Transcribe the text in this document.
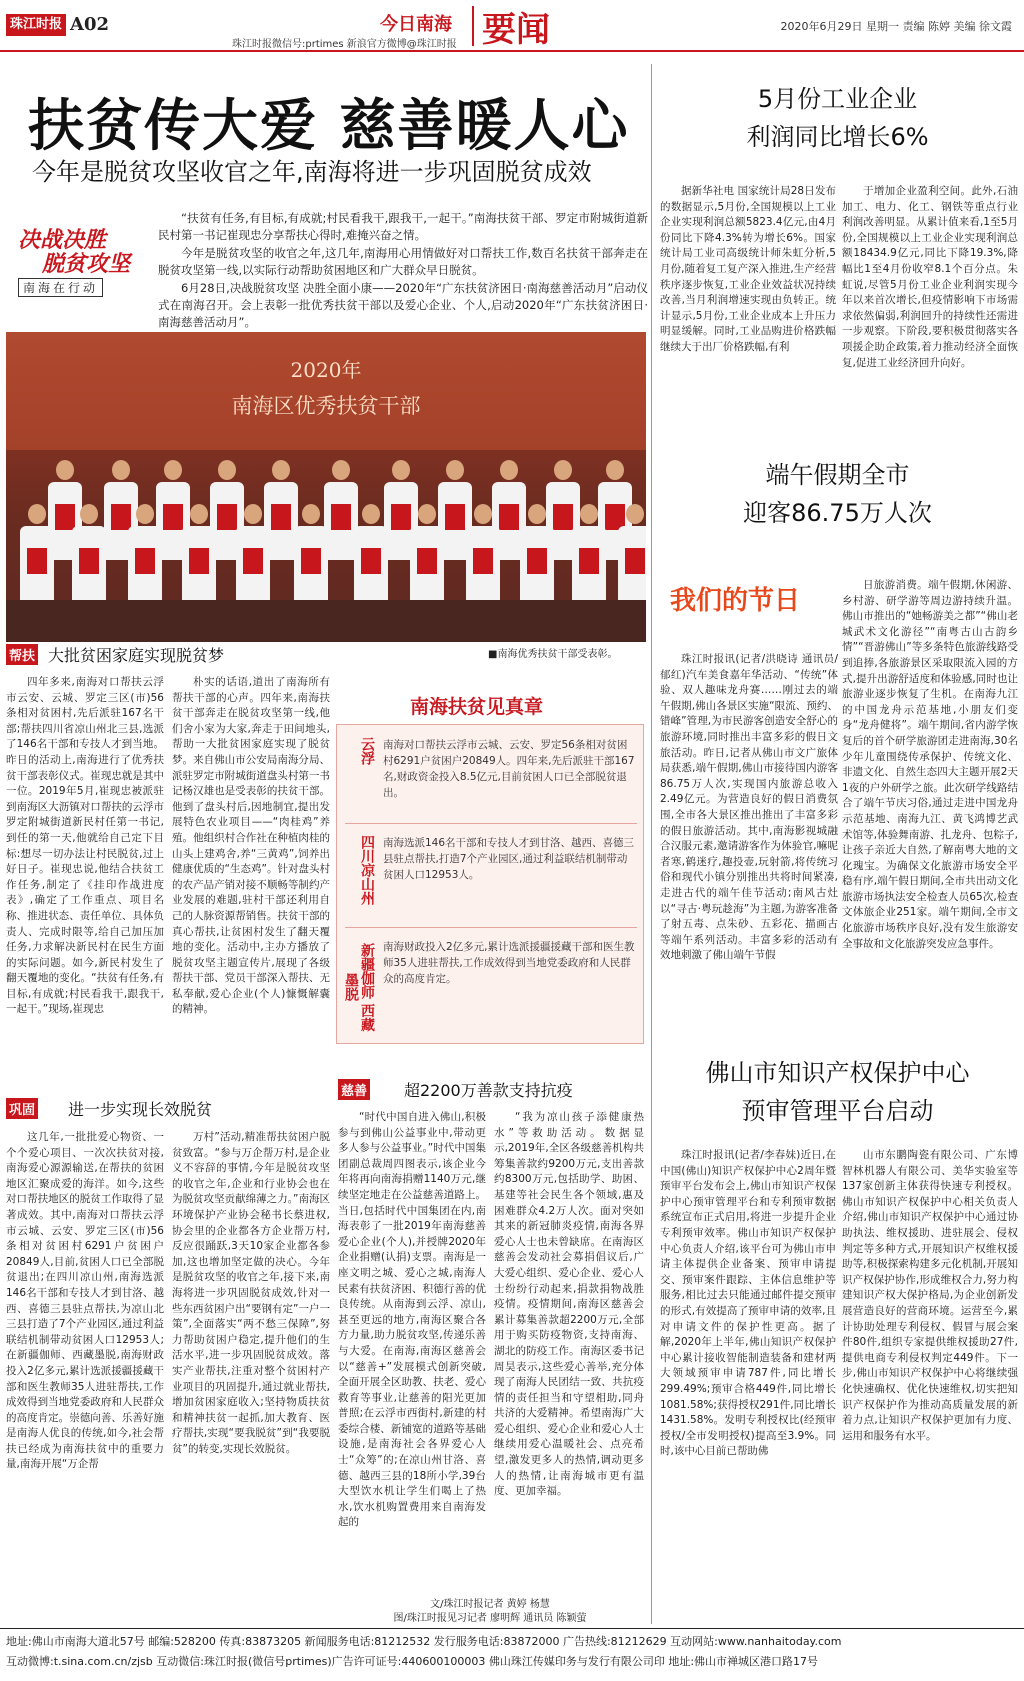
珠江时报 A02	今日南海
珠江时报微信号:prtimes 新浪官方微博@珠江时报 要闻	2020年6月29日 星期一 责编 陈婷 美编 徐文霞
扶贫传大爱 慈善暖人心
今年是脱贫攻坚收官之年,南海将进一步巩固脱贫成效
决战决胜
脱贫攻坚
南海在行动

“扶贫有任务,有目标,有成就;村民看我干,跟我干,一起干。”南海扶贫干部、罗定市附城街道新民村第一书记崔现忠分享帮扶心得时,难掩兴奋之情。

今年是脱贫攻坚的收官之年,这几年,南海用心用情做好对口帮扶工作,数百名扶贫干部奔走在脱贫攻坚第一线,以实际行动帮助贫困地区和广大群众早日脱贫。

6月28日,决战脱贫攻坚 决胜全面小康——2020年“广东扶贫济困日·南海慈善活动月”启动仪式在南海召开。会上表彰一批优秀扶贫干部以及爱心企业、个人,启动2020年“广东扶贫济困日·南海慈善活动月”。

2020年
南海区优秀扶贫干部
■南海优秀扶贫干部受表彰。
帮扶 大批贫困家庭实现脱贫梦

四年多来,南海对口帮扶云浮市云安、云城、罗定三区(市)56条相对贫困村,先后派驻167名干部;帮扶四川省凉山州北三县,选派了146名干部和专技人才到当地。昨日的活动上,南海进行了优秀扶贫干部表彰仪式。崔现忠就是其中一位。2019年5月,崔现忠被派驻到南海区大沥镇对口帮扶的云浮市罗定附城街道新民村任第一书记,到任的第一天,他就给自己定下目标:想尽一切办法让村民脱贫,过上好日子。崔现忠说,他结合扶贫工作任务,制定了《挂印作战进度表》,确定了工作重点、项目名称、推进状态、责任单位、具体负责人、完成时限等,给自己加压加任务,力求解决新民村在民生方面的实际问题。如今,新民村发生了翻天覆地的变化。“扶贫有任务,有目标,有成就;村民看我干,跟我干,一起干。”现场,崔现忠

朴实的话语,道出了南海所有帮扶干部的心声。四年来,南海扶贫干部奔走在脱贫攻坚第一线,他们舍小家为大家,奔走于田间地头,帮助一大批贫困家庭实现了脱贫梦。来自佛山市公安局南海分局、派驻罗定市附城街道盘头村第一书记杨汉雄也是受表彰的扶贫干部。他到了盘头村后,因地制宜,提出发展特色农业项目——“肉桂鸡”养殖。他组织村合作社在种植肉桂的山头上建鸡舍,养“三黄鸡”,饲养出健康优质的“生态鸡”。针对盘头村的农产品产销对接不顺畅等制约产业发展的难题,驻村干部还利用自己的人脉资源帮销售。扶贫干部的真心帮扶,让贫困村发生了翻天覆地的变化。活动中,主办方播放了脱贫攻坚主题宣传片,展现了各级帮扶干部、党员干部深入帮扶、无私奉献,爱心企业(个人)慷慨解囊的精神。

巩固 进一步实现长效脱贫

这几年,一批批爱心物资、一个个爱心项目、一次次扶贫对接,南海爱心源源输送,在帮扶的贫困地区汇聚成爱的海洋。如今,这些对口帮扶地区的脱贫工作取得了显著成效。其中,南海对口帮扶云浮市云城、云安、罗定三区(市)56条相对贫困村6291户贫困户20849人,目前,贫困人口已全部脱贫退出;在四川凉山州,南海选派146名干部和专技人才到甘洛、越西、喜德三县驻点帮扶,为凉山北三县打造了7个产业园区,通过利益联结机制带动贫困人口12953人;在新疆伽师、西藏墨脱,南海财政投入2亿多元,累计选派援疆援藏干部和医生教师35人进驻帮扶,工作成效得到当地党委政府和人民群众的高度肯定。崇德向善、乐善好施是南海人优良的传统,如今,社会帮扶已经成为南海扶贫中的重要力量,南海开展“万企帮

万村”活动,精准帮扶贫困户脱贫致富。“参与万企帮万村,是企业义不容辞的事情,今年是脱贫攻坚的收官之年,企业和行业协会也在为脱贫攻坚贡献绵薄之力。”南海区环境保护产业协会秘书长蔡进权,协会里的企业都各方企业帮万村,反应很踊跃,3天10家企业都各参加,这也增加坚定做的决心。今年是脱贫攻坚的收官之年,接下来,南海将进一步巩固脱贫成效,针对一些东西贫困户出“要钢有定”一户一策”,全面落实“两不愁三保障”,努力帮助贫困户稳定,提升他们的生活水平,进一步巩固脱贫成效。落实产业帮扶,注重对整个贫困村产业项目的巩固提升,通过就业帮扶,增加贫困家庭收入;坚持物质扶贫和精神扶贫一起抓,加大教育、医疗帮扶,实现“要我脱贫”到“我要脱贫”的转变,实现长效脱贫。

南海扶贫见真章
云浮 南海对口帮扶云浮市云城、云安、罗定56条相对贫困村6291户贫困户20849人。四年来,先后派驻干部167名,财政资金投入8.5亿元,目前贫困人口已全部脱贫退出。
四川凉山州 南海选派146名干部和专技人才到甘洛、越西、喜德三县驻点帮扶,打造7个产业园区,通过利益联结机制带动贫困人口12953人。
新疆伽师 西藏墨脱
南海财政投入2亿多元,累计选派援疆援藏干部和医生教师35人进驻帮扶,工作成效得到当地党委政府和人民群众的高度肯定。
慈善 超2200万善款支持抗疫

“时代中国自进入佛山,积极参与到佛山公益事业中,带动更多人参与公益事业。”时代中国集团副总裁周四图表示,该企业今年将再向南海捐赠1140万元,继续坚定地走在公益慈善道路上。当日,包括时代中国集团在内,南海表彰了一批2019年南海慈善爱心企业(个人),并授牌2020年企业捐赠(认捐)支票。南海是一座文明之城、爱心之城,南海人民素有扶贫济困、积德行善的优良传统。从南海到云浮、凉山,甚至更远的地方,南海区聚合各方力量,助力脱贫攻坚,传递乐善与大爱。在南海,南海区慈善会以“慈善+”发展模式创新突破,全面开展全区助教、扶老、爱心救育等事业,让慈善的阳光更加普照;在云浮市西街村,新建的村委综合楼、新铺宽的道路等基础设施,是南海社会各界爱心人士“众筹”的;在凉山州甘洛、喜德、越西三县的18所小学,39台大型饮水机让学生们喝上了热水,饮水机购置费用来自南海发起的

“我为凉山孩子添健康热水”等救助活动。数据显示,2019年,全区各级慈善机构共筹集善款约9200万元,支出善款约8300万元,包括助学、助困、基建等社会民生各个领域,惠及困难群众4.2万人次。面对突如其来的新冠肺炎疫情,南海各界爱心人士也未曾缺席。在南海区慈善会发动社会募捐倡议后,广大爱心组织、爱心企业、爱心人士纷纷行动起来,捐款捐物战胜疫情。疫情期间,南海区慈善会累计募集善款超2200万元,全部用于购买防疫物资,支持南海、湖北的防疫工作。南海区委书记周昊表示,这些爱心善举,充分体现了南海人民团结一致、共抗疫情的责任担当和守望相助,同舟共济的大爱精神。希望南海广大爱心组织、爱心企业和爱心人士继续用爱心温暖社会、点亮希望,激发更多人的热情,调动更多人的热情,让南海城市更有温度、更加幸福。

文/珠江时报记者 黄婷 杨慧
图/珠江时报见习记者 廖明辉 通讯员 陈颖萤
5月份工业企业
利润同比增长6%

据新华社电 国家统计局28日发布的数据显示,5月份,全国规模以上工业企业实现利润总额5823.4亿元,由4月份同比下降4.3%转为增长6%。国家统计局工业司高级统计师朱虹分析,5月份,随着复工复产深入推进,生产经营秩序逐步恢复,工业企业效益状况持续改善,当月利润增速实现由负转正。统计显示,5月份,工业企业成本上升压力明显缓解。同时,工业品购进价格跌幅继续大于出厂价格跌幅,有利

于增加企业盈利空间。此外,石油加工、电力、化工、钢铁等重点行业利润改善明显。从累计值来看,1至5月份,全国规模以上工业企业实现利润总额18434.9亿元,同比下降19.3%,降幅比1至4月份收窄8.1个百分点。朱虹说,尽管5月份工业企业利润实现今年以来首次增长,但疫情影响下市场需求依然偏弱,利润回升的持续性还需进一步观察。下阶段,要积极贯彻落实各项援企助企政策,着力推动经济全面恢复,促进工业经济回升向好。

端午假期全市
迎客86.75万人次
我们的节日

珠江时报讯(记者/洪晓诗 通讯员/郁红)汽车美食嘉年华活动、“传统”体验、双人趣味龙舟赛……刚过去的端午假期,佛山各景区实施“限流、预约、错峰”管理,为市民游客创造安全舒心的旅游环境,同时推出丰富多彩的假日文旅活动。昨日,记者从佛山市文广旅体局获悉,端午假期,佛山市接待国内游客86.75万人次,实现国内旅游总收入2.49亿元。为营造良好的假日消费氛围,全市各大景区推出推出了丰富多彩的假日旅游活动。其中,南海影视城融合汉服元素,邀请游客作为体验官,嘛呢者寒,鹤迷疗,趣投壶,玩射箭,将传统习俗和现代小镇分别推出共将时间紧凑,走进古代的端午佳节活动;南风古灶以“寻古·粤玩趁海”为主题,为游客准备了射五毒、点朱砂、五彩花、描画古等端午系列活动。丰富多彩的活动有效地刺激了佛山端午节假

日旅游消费。端午假期,休闲游、乡村游、研学游等周边游持续升温。佛山市推出的“她畅游美之都”“佛山老城武术文化游径”“南粤古山古韵乡情”“晋游佛山”等多条特色旅游线路受到追捧,各旅游景区采取限流入园的方式,提升出游舒适度和体验感,同时也让旅游业逐步恢复了生机。在南海九江的中国龙舟示范基地,小朋友们变身“龙舟健将”。端午期间,省内游学恢复后的首个研学旅游团走进南海,30名少年儿童围绕传承保护、传统文化、非遗文化、自然生态四大主题开展2天1夜的户外研学之旅。此次研学线路结合了端午节庆习俗,通过走进中国龙舟示范基地、南海九江、黄飞鸿博艺武术馆等,体验舞南游、扎龙舟、包粽子,让孩子亲近大自然,了解南粤大地的文化瑰宝。为确保文化旅游市场安全平稳有序,端午假日期间,全市共出动文化旅游市场执法安全检查人员65次,检查文体旅企业251家。端午期间,全市文化旅游市场秩序良好,没有发生旅游安全事故和文化旅游突发应急事件。

佛山市知识产权保护中心
预审管理平台启动

珠江时报讯(记者/李春妹)近日,在中国(佛山)知识产权保护中心2周年暨预审平台发布会上,佛山市知识产权保护中心预审管理平台和专利预审数据系统宣布正式启用,将进一步提升企业专利预审效率。佛山市知识产权保护中心负责人介绍,该平台可为佛山市申请主体提供企业备案、预审申请提交、预审案件跟踪、主体信息维护等服务,相比过去只能通过邮件提交预审的形式,有效提高了预审申请的效率,且对申请文件的保护性更高。据了解,2020年上半年,佛山知识产权保护中心累计接收智能制造装备和建材两大领域预审申请787件,同比增长299.49%;预审合格449件,同比增长1081.58%;获得授权291件,同比增长1431.58%。发明专利授权比(经预审授权/全市发明授权)提高至3.9%。同时,该中心目前已帮助佛

山市东鹏陶瓷有限公司、广东博智林机器人有限公司、美华实验室等137家创新主体获得快速专利授权。佛山市知识产权保护中心相关负责人介绍,佛山市知识产权保护中心通过协助执法、维权援助、进驻展会、侵权判定等多种方式,开展知识产权维权援助等,积极探索构建多元化机制,开展知识产权保护协作,形成维权合力,努力构建知识产权大保护格局,为企业创新发展营造良好的营商环境。运营至今,累计协助处理专利侵权、假冒与展会案件80件,组织专家提供维权援助27件,提供电商专利侵权判定449件。下一步,佛山市知识产权保护中心将继续强化快速确权、优化快速维权,切实把知识产权保护作为推动高质量发展的新着力点,让知识产权保护更加有力度、运用和服务有水平。

地址:佛山市南海大道北57号 邮编:528200 传真:83873205 新闻服务电话:81212532 发行服务电话:83872000 广告热线:81212629 互动网站:www.nanhaitoday.com
互动微博:t.sina.com.cn/zjsb 互动微信:珠江时报(微信号prtimes)广告许可证号:440600100003 佛山珠江传媒印务与发行有限公司印 地址:佛山市禅城区港口路17号
